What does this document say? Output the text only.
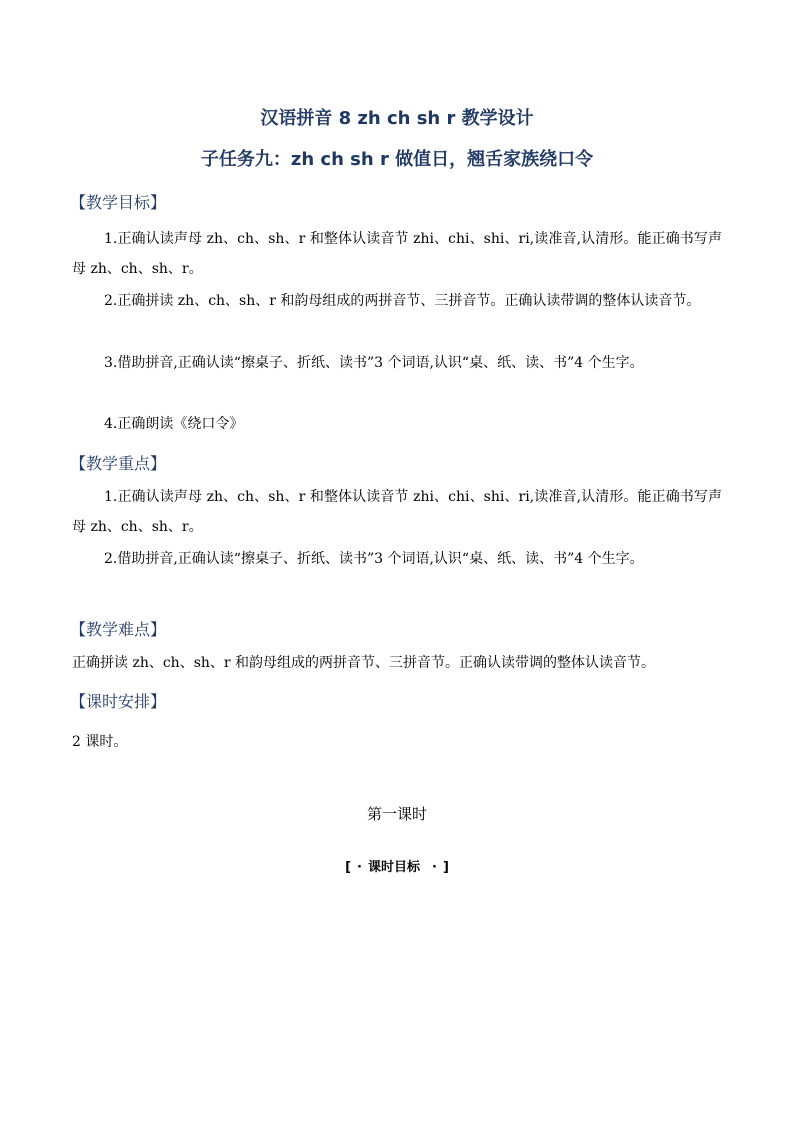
汉语拼音 8 zh ch sh r 教学设计
子任务九：zh ch sh r 做值日，翘舌家族绕口令
【教学目标】
1.正确认读声母 zh、ch、sh、r 和整体认读音节 zhi、chi、shi、ri,读准音,认清形。能正确书写声母 zh、ch、sh、r。
2.正确拼读 zh、ch、sh、r 和韵母组成的两拼音节、三拼音节。正确认读带调的整体认读音节。
3.借助拼音,正确认读“擦桌子、折纸、读书”3 个词语,认识“桌、纸、读、书”4 个生字。
4.正确朗读《绕口令》
【教学重点】
1.正确认读声母 zh、ch、sh、r 和整体认读音节 zhi、chi、shi、ri,读准音,认清形。能正确书写声母 zh、ch、sh、r。
2.借助拼音,正确认读“擦桌子、折纸、读书”3 个词语,认识“桌、纸、读、书”4 个生字。
【教学难点】
正确拼读 zh、ch、sh、r 和韵母组成的两拼音节、三拼音节。正确认读带调的整体认读音节。
【课时安排】
2 课时。
第一课时
[ · 课时目标 · ]
